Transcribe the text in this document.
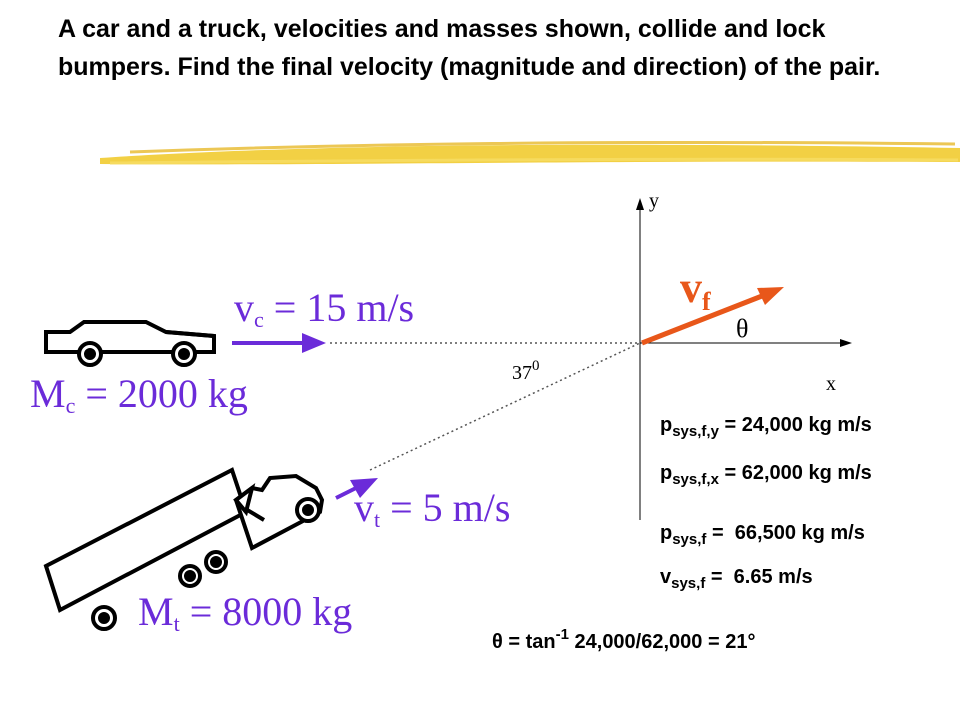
A car and a truck, velocities and masses shown, collide and lock bumpers. Find the final velocity (magnitude and direction) of the pair.
y
x
$37^0$
θ
vf
vc = 15 m/s
Mc = 2000 kg
vt = 5 m/s
Mt = 8000 kg
$p_{sys,f,y} = 24,000$ kg m/s
$p_{sys,f,x} = 62,000$ kg m/s
$p_{sys,f} = 66,500$ kg m/s
$v_{sys,f} = 6.65$ m/s
$\theta = \tan^{-1} 24,000/62,000 = 21^\circ$
